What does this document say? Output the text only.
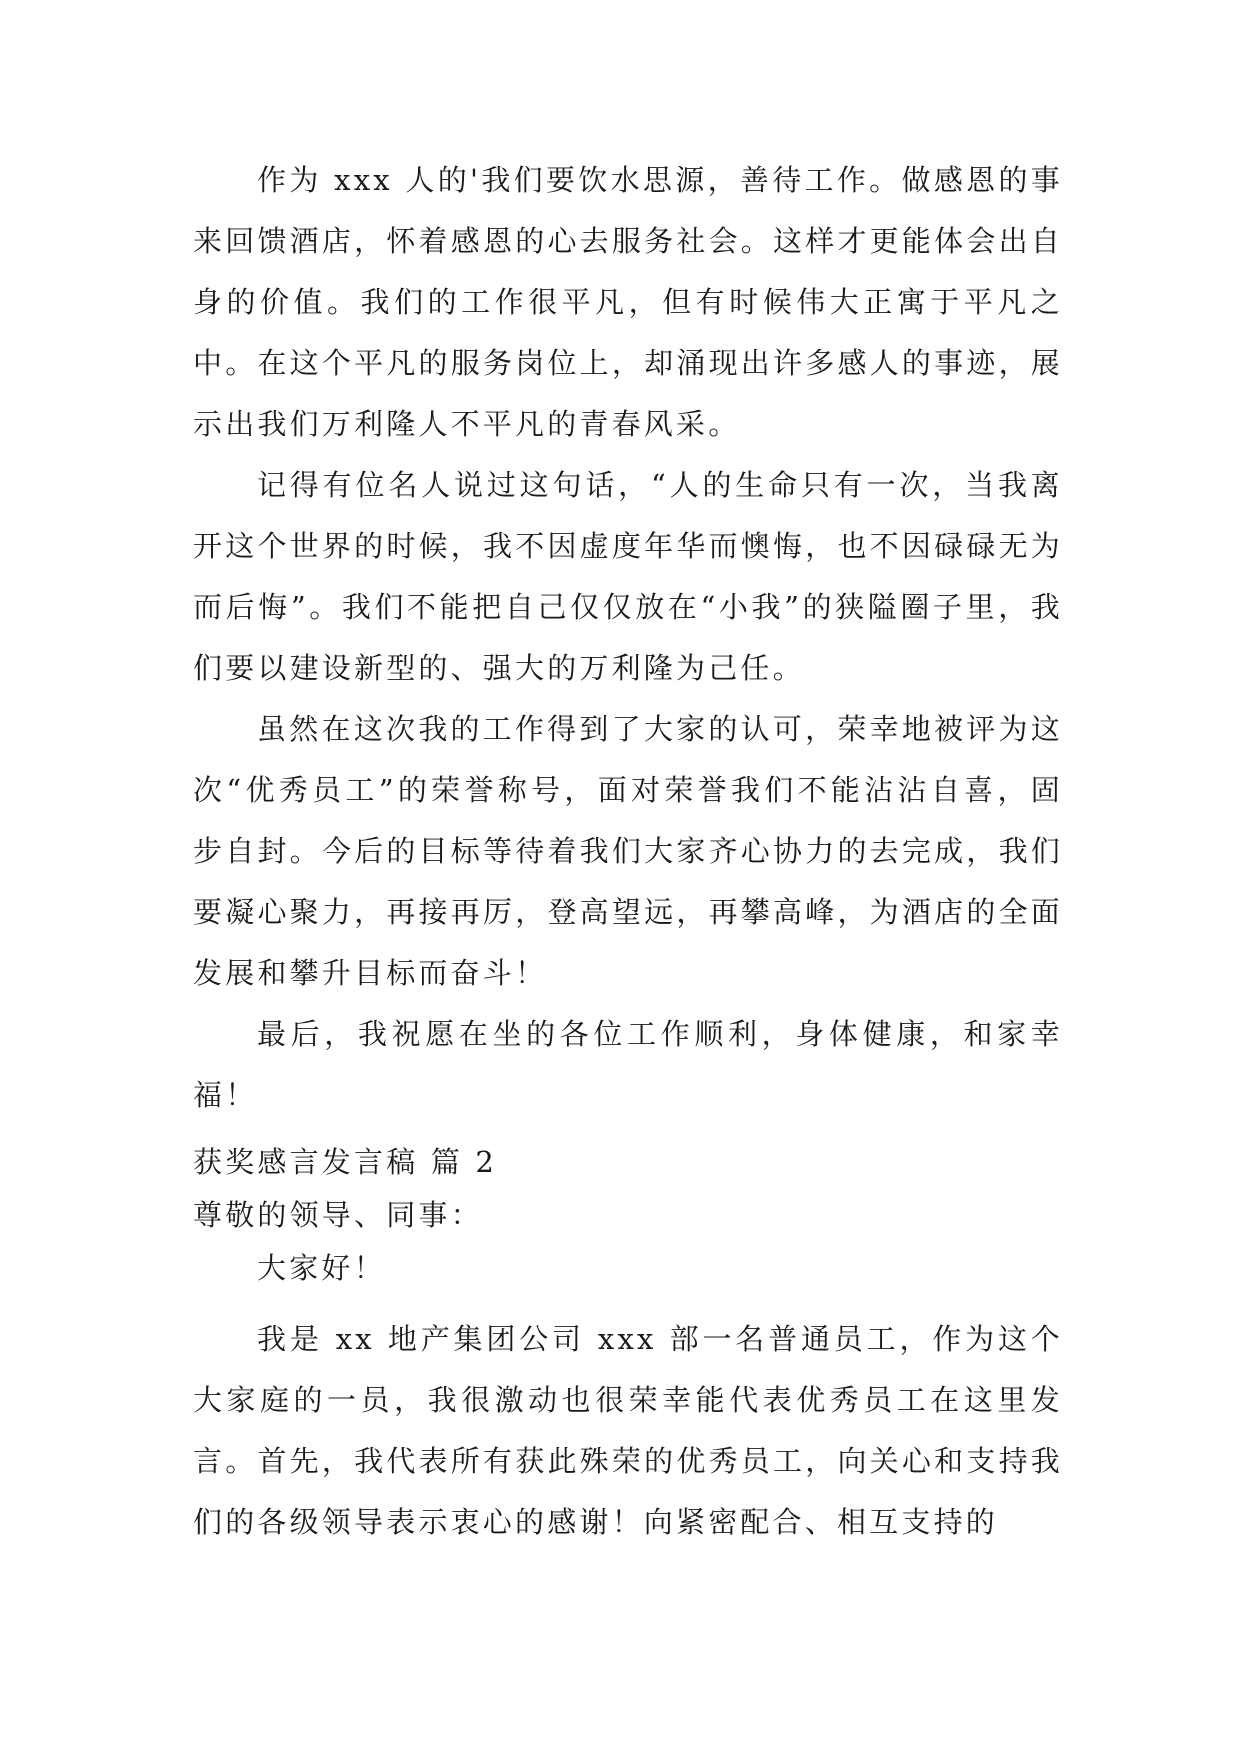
作为 xxx 人的'我们要饮水思源，善待工作。做感恩的事来回馈酒店，怀着感恩的心去服务社会。这样才更能体会出自身的价值。我们的工作很平凡，但有时候伟大正寓于平凡之中。在这个平凡的服务岗位上，却涌现出许多感人的事迹，展示出我们万利隆人不平凡的青春风采。

记得有位名人说过这句话，“人的生命只有一次，当我离开这个世界的时候，我不因虚度年华而懊悔，也不因碌碌无为而后悔”。我们不能把自己仅仅放在“小我”的狭隘圈子里，我们要以建设新型的、强大的万利隆为己任。

虽然在这次我的工作得到了大家的认可，荣幸地被评为这次“优秀员工”的荣誉称号，面对荣誉我们不能沾沾自喜，固步自封。今后的目标等待着我们大家齐心协力的去完成，我们要凝心聚力，再接再厉，登高望远，再攀高峰，为酒店的全面发展和攀升目标而奋斗！

最后，我祝愿在坐的各位工作顺利，身体健康，和家幸福！

获奖感言发言稿 篇 2

尊敬的领导、同事：

大家好！

我是 xx 地产集团公司 xxx 部一名普通员工，作为这个大家庭的一员，我很激动也很荣幸能代表优秀员工在这里发言。首先，我代表所有获此殊荣的优秀员工，向关心和支持我们的各级领导表示衷心的感谢！向紧密配合、相互支持的
